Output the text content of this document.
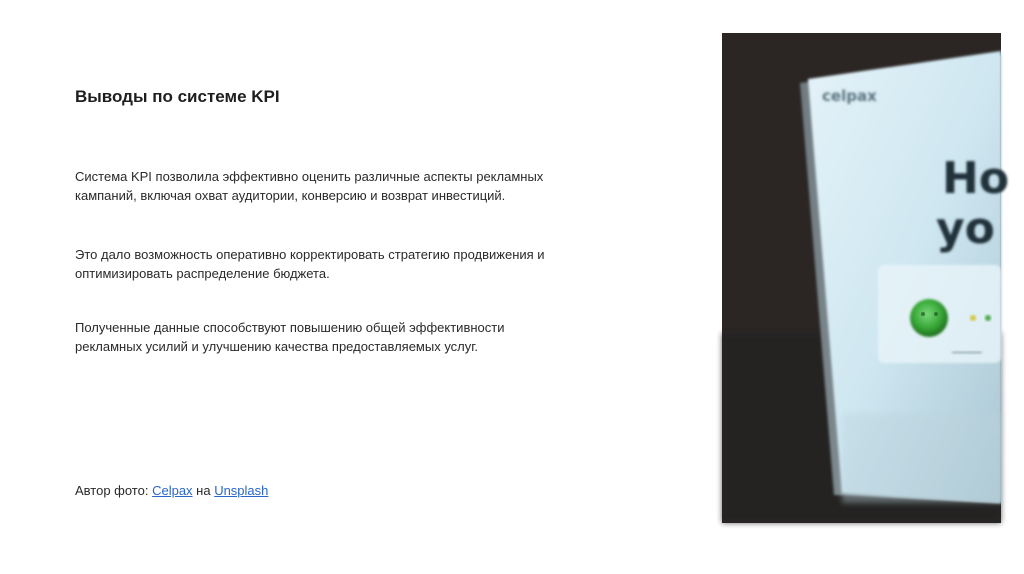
Выводы по системе KPI

Система KPI позволила эффективно оценить различные аспекты рекламных кампаний, включая охват аудитории, конверсию и возврат инвестиций.

Это дало возможность оперативно корректировать стратегию продвижения и оптимизировать распределение бюджета.

Полученные данные способствуют повышению общей эффективности рекламных усилий и улучшению качества предоставляемых услуг.

Автор фото: Celpax на Unsplash
celpax
Ho
yo
